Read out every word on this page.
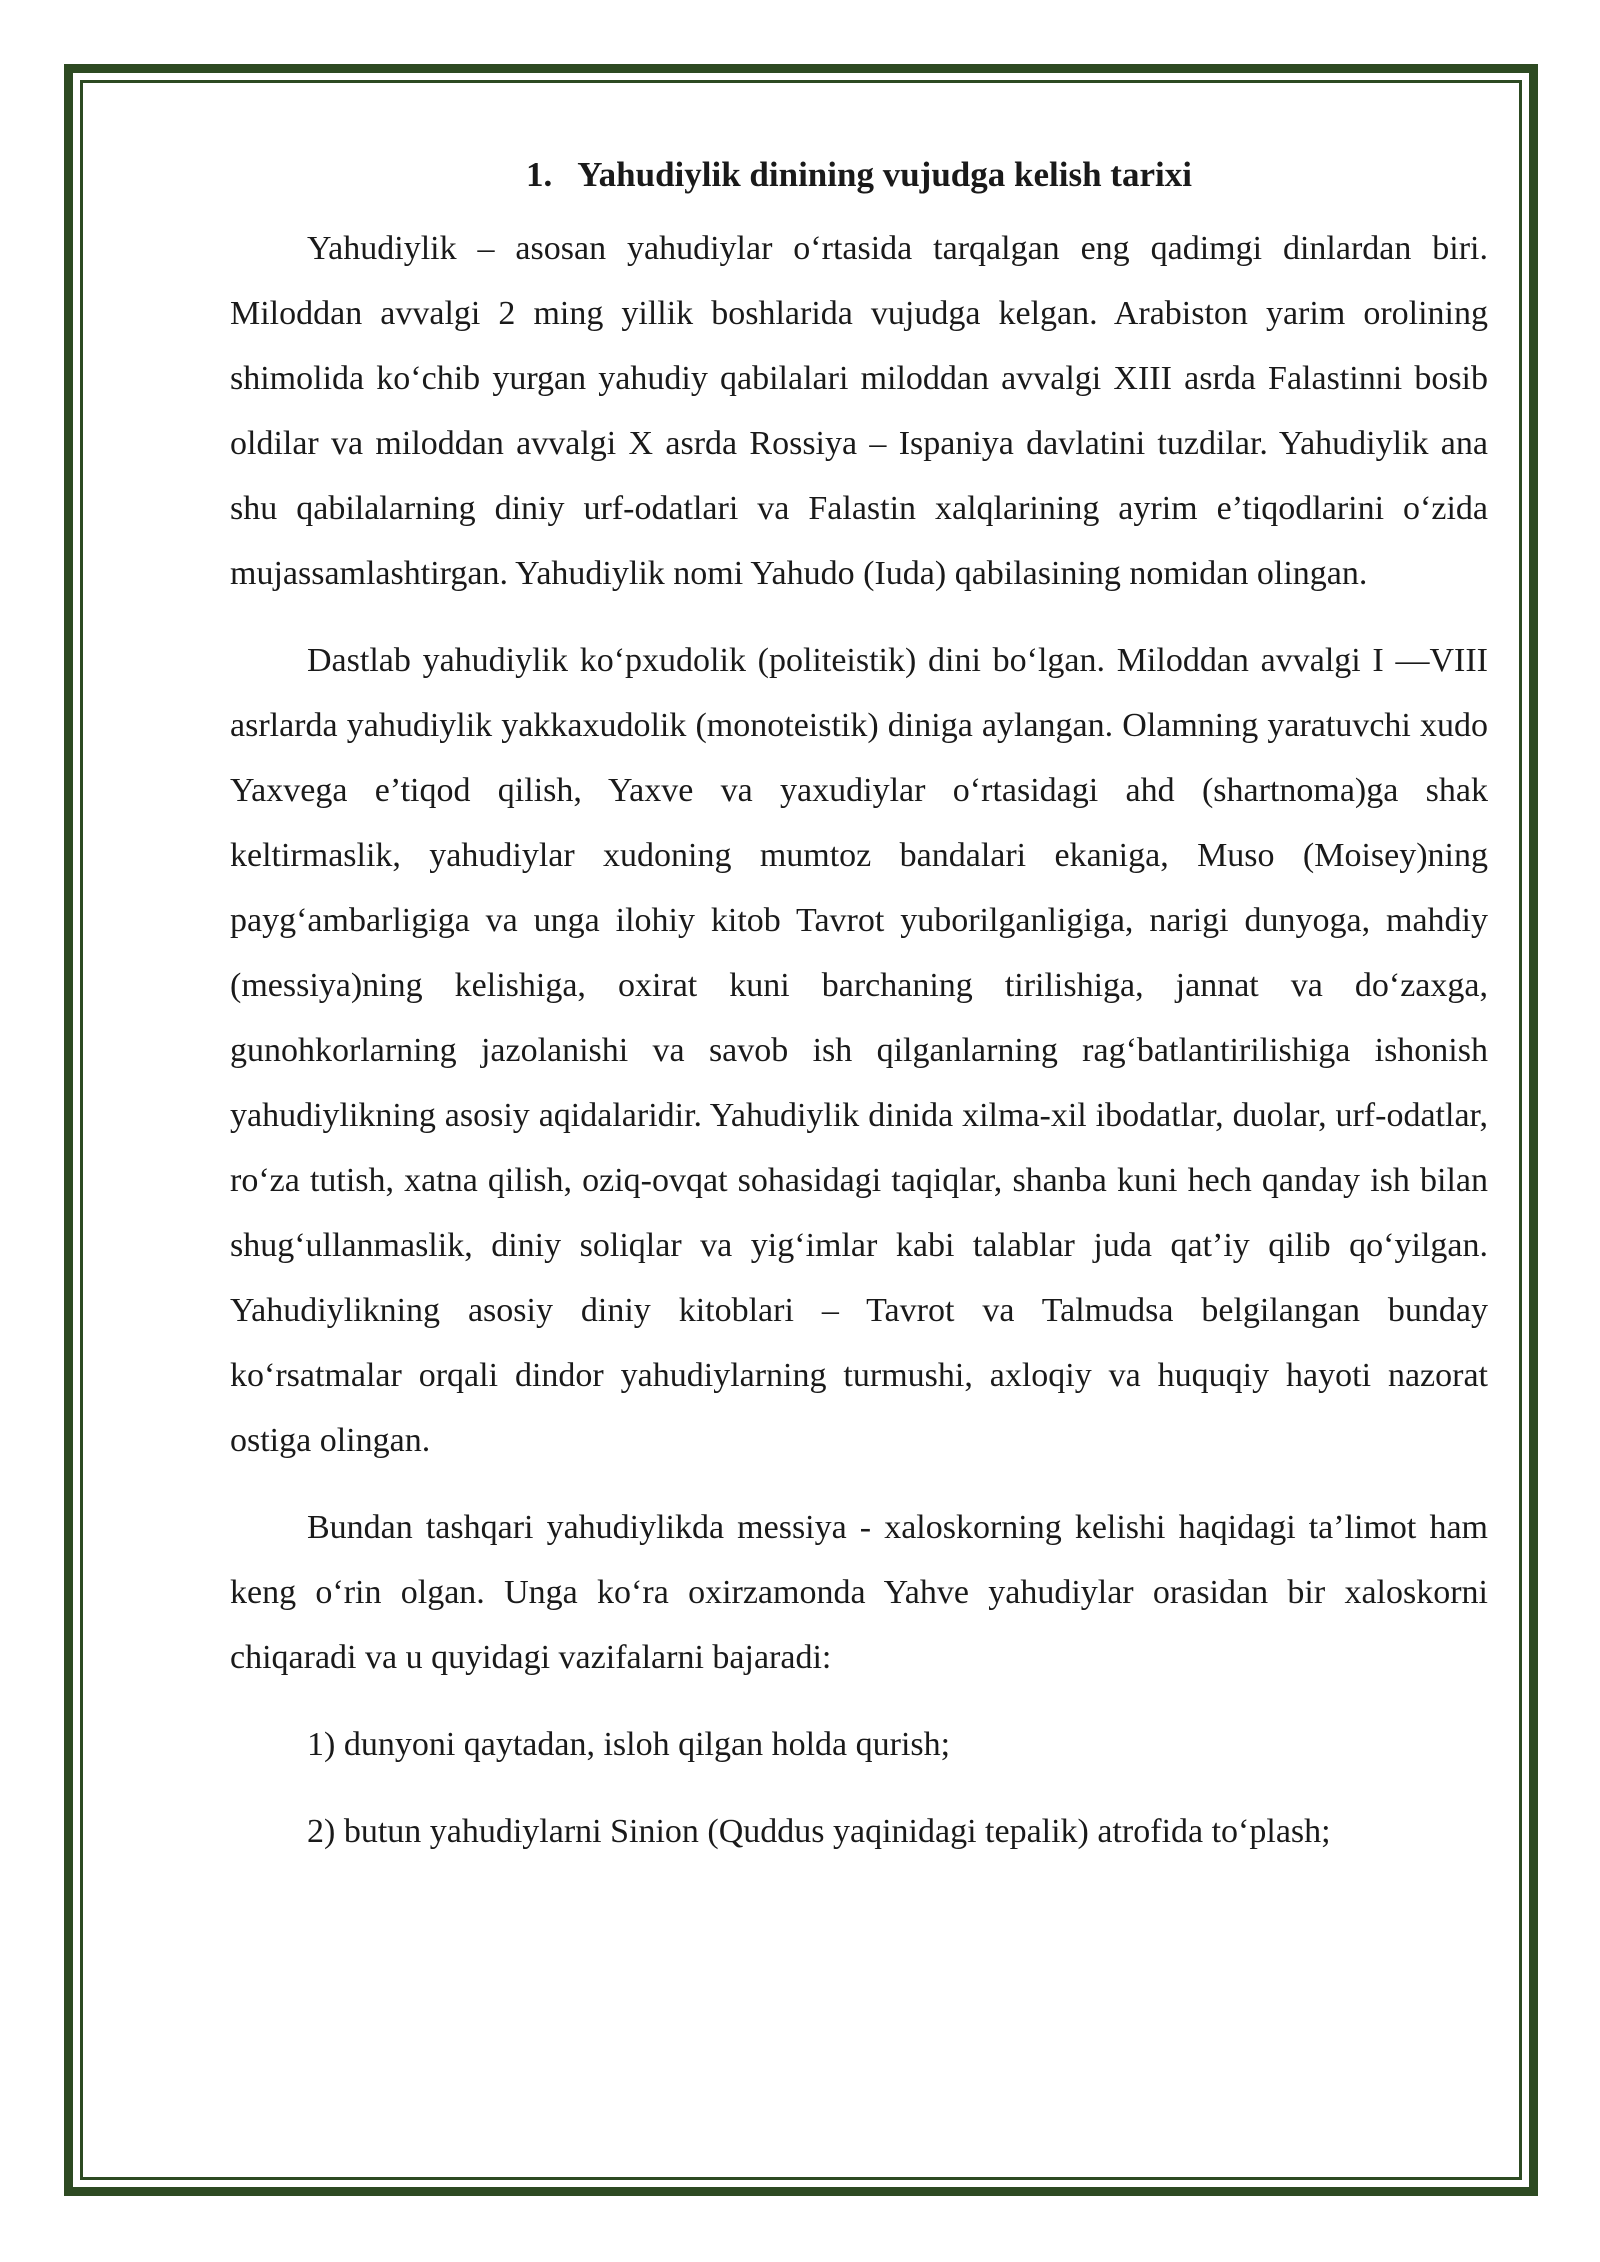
1. Yahudiylik dinining vujudga kelish tarixi

Yahudiylik – asosan yahudiylar o‘rtasida tarqalgan eng qadimgi dinlardan biri. Miloddan avvalgi 2 ming yillik boshlarida vujudga kelgan. Arabiston yarim orolining shimolida ko‘chib yurgan yahudiy qabilalari miloddan avvalgi XIII asrda Falastinni bosib oldilar va miloddan avvalgi X asrda Rossiya – Ispaniya davlatini tuzdilar. Yahudiylik ana shu qabilalarning diniy urf-odatlari va Falastin xalqlarining ayrim e’tiqodlarini o‘zida mujassamlashtirgan. Yahudiylik nomi Yahudo (Iuda) qabilasining nomidan olingan.

Dastlab yahudiylik ko‘pxudolik (politeistik) dini bo‘lgan. Miloddan avvalgi I —VIII asrlarda yahudiylik yakkaxudolik (monoteistik) diniga aylangan. Olamning yaratuvchi xudo Yaxvega e’tiqod qilish, Yaxve va yaxudiylar o‘rtasidagi ahd (shartnoma)ga shak keltirmaslik, yahudiylar xudoning mumtoz bandalari ekaniga, Muso (Moisey)ning payg‘ambarligiga va unga ilohiy kitob Tavrot yuborilganligiga, narigi dunyoga, mahdiy (messiya)ning kelishiga, oxirat kuni barchaning tirilishiga, jannat va do‘zaxga, gunohkorlarning jazolanishi va savob ish qilganlarning rag‘batlantirilishiga ishonish yahudiylikning asosiy aqidalaridir. Yahudiylik dinida xilma-xil ibodatlar, duolar, urf-odatlar, ro‘za tutish, xatna qilish, oziq-ovqat sohasidagi taqiqlar, shanba kuni hech qanday ish bilan shug‘ullanmaslik, diniy soliqlar va yig‘imlar kabi talablar juda qat’iy qilib qo‘yilgan. Yahudiylikning asosiy diniy kitoblari – Tavrot va Talmudsa belgilangan bunday ko‘rsatmalar orqali dindor yahudiylarning turmushi, axloqiy va huquqiy hayoti nazorat ostiga olingan.

Bundan tashqari yahudiylikda messiya - xaloskorning kelishi haqidagi ta’limot ham keng o‘rin olgan. Unga ko‘ra oxirzamonda Yahve yahudiylar orasidan bir xaloskorni chiqaradi va u quyidagi vazifalarni bajaradi:

1) dunyoni qaytadan, isloh qilgan holda qurish;

2) butun yahudiylarni Sinion (Quddus yaqinidagi tepalik) atrofida to‘plash;
